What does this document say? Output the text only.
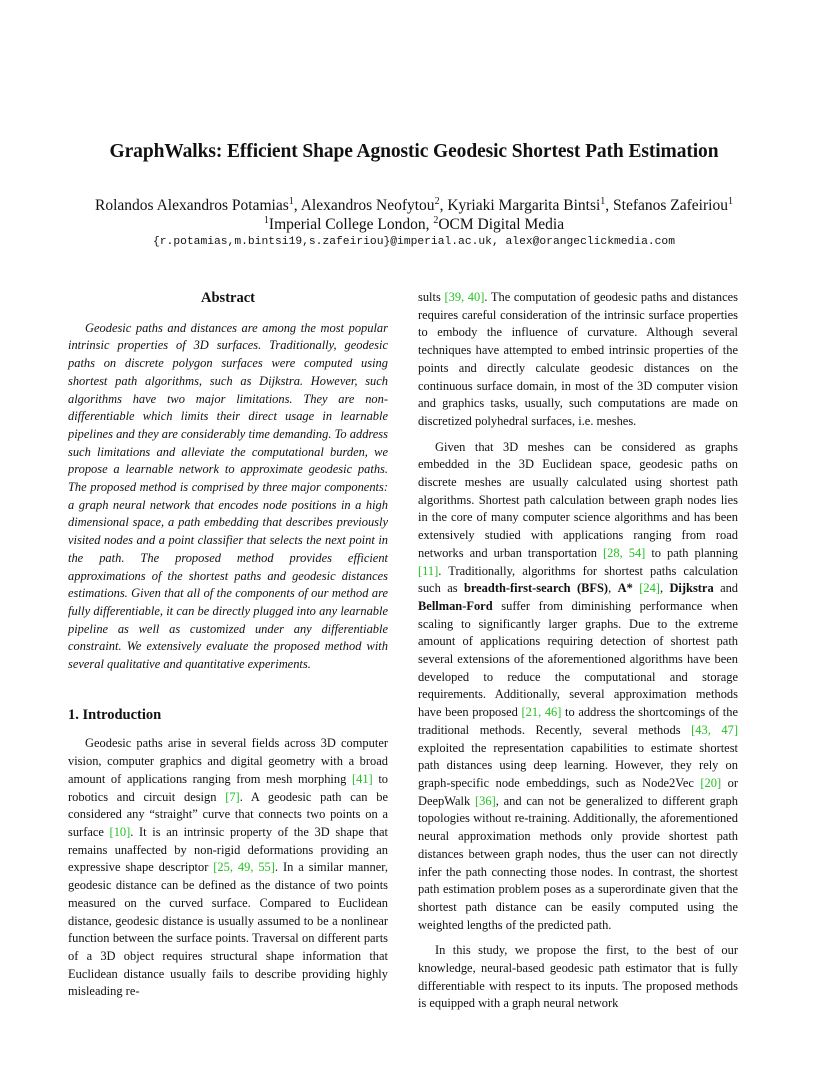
GraphWalks: Efficient Shape Agnostic Geodesic Shortest Path Estimation
Rolandos Alexandros Potamias$^1$, Alexandros Neofytou$^2$, Kyriaki Margarita Bintsi$^1$, Stefanos Zafeiriou$^1$
$^1$Imperial College London, $^2$OCM Digital Media
{r.potamias,m.bintsi19,s.zafeiriou}@imperial.ac.uk, alex@orangeclickmedia.com
Abstract

Geodesic paths and distances are among the most popular intrinsic properties of 3D surfaces. Traditionally, geodesic paths on discrete polygon surfaces were computed using shortest path algorithms, such as Dijkstra. However, such algorithms have two major limitations. They are non-differentiable which limits their direct usage in learnable pipelines and they are considerably time demanding. To address such limitations and alleviate the computational burden, we propose a learnable network to approximate geodesic paths. The proposed method is comprised by three major components: a graph neural network that encodes node positions in a high dimensional space, a path embedding that describes previously visited nodes and a point classifier that selects the next point in the path. The proposed method provides efficient approximations of the shortest paths and geodesic distances estimations. Given that all of the components of our method are fully differentiable, it can be directly plugged into any learnable pipeline as well as customized under any differentiable constraint. We extensively evaluate the proposed method with several qualitative and quantitative experiments.

1. Introduction

Geodesic paths arise in several fields across 3D computer vision, computer graphics and digital geometry with a broad amount of applications ranging from mesh morphing [41] to robotics and circuit design [7]. A geodesic path can be considered any “straight” curve that connects two points on a surface [10]. It is an intrinsic property of the 3D shape that remains unaffected by non-rigid deformations providing an expressive shape descriptor [25, 49, 55]. In a similar manner, geodesic distance can be defined as the distance of two points measured on the curved surface. Compared to Euclidean distance, geodesic distance is usually assumed to be a nonlinear function between the surface points. Traversal on different parts of a 3D object requires structural shape information that Euclidean distance usually fails to describe providing highly misleading re-

sults [39, 40]. The computation of geodesic paths and distances requires careful consideration of the intrinsic surface properties to embody the influence of curvature. Although several techniques have attempted to embed intrinsic properties of the points and directly calculate geodesic distances on the continuous surface domain, in most of the 3D computer vision and graphics tasks, usually, such computations are made on discretized polyhedral surfaces, i.e. meshes.

Given that 3D meshes can be considered as graphs embedded in the 3D Euclidean space, geodesic paths on discrete meshes are usually calculated using shortest path algorithms. Shortest path calculation between graph nodes lies in the core of many computer science algorithms and has been extensively studied with applications ranging from road networks and urban transportation [28, 54] to path planning [11]. Traditionally, algorithms for shortest paths calculation such as breadth-first-search (BFS), A* [24], Dijkstra and Bellman-Ford suffer from diminishing performance when scaling to significantly larger graphs. Due to the extreme amount of applications requiring detection of shortest path several extensions of the aforementioned algorithms have been developed to reduce the computational and storage requirements. Additionally, several approximation methods have been proposed [21, 46] to address the shortcomings of the traditional methods. Recently, several methods [43, 47] exploited the representation capabilities to estimate shortest path distances using deep learning. However, they rely on graph-specific node embeddings, such as Node2Vec [20] or DeepWalk [36], and can not be generalized to different graph topologies without re-training. Additionally, the aforementioned neural approximation methods only provide shortest path distances between graph nodes, thus the user can not directly infer the path connecting those nodes. In contrast, the shortest path estimation problem poses as a superordinate given that the shortest path distance can be easily computed using the weighted lengths of the predicted path.

In this study, we propose the first, to the best of our knowledge, neural-based geodesic path estimator that is fully differentiable with respect to its inputs. The proposed methods is equipped with a graph neural network
